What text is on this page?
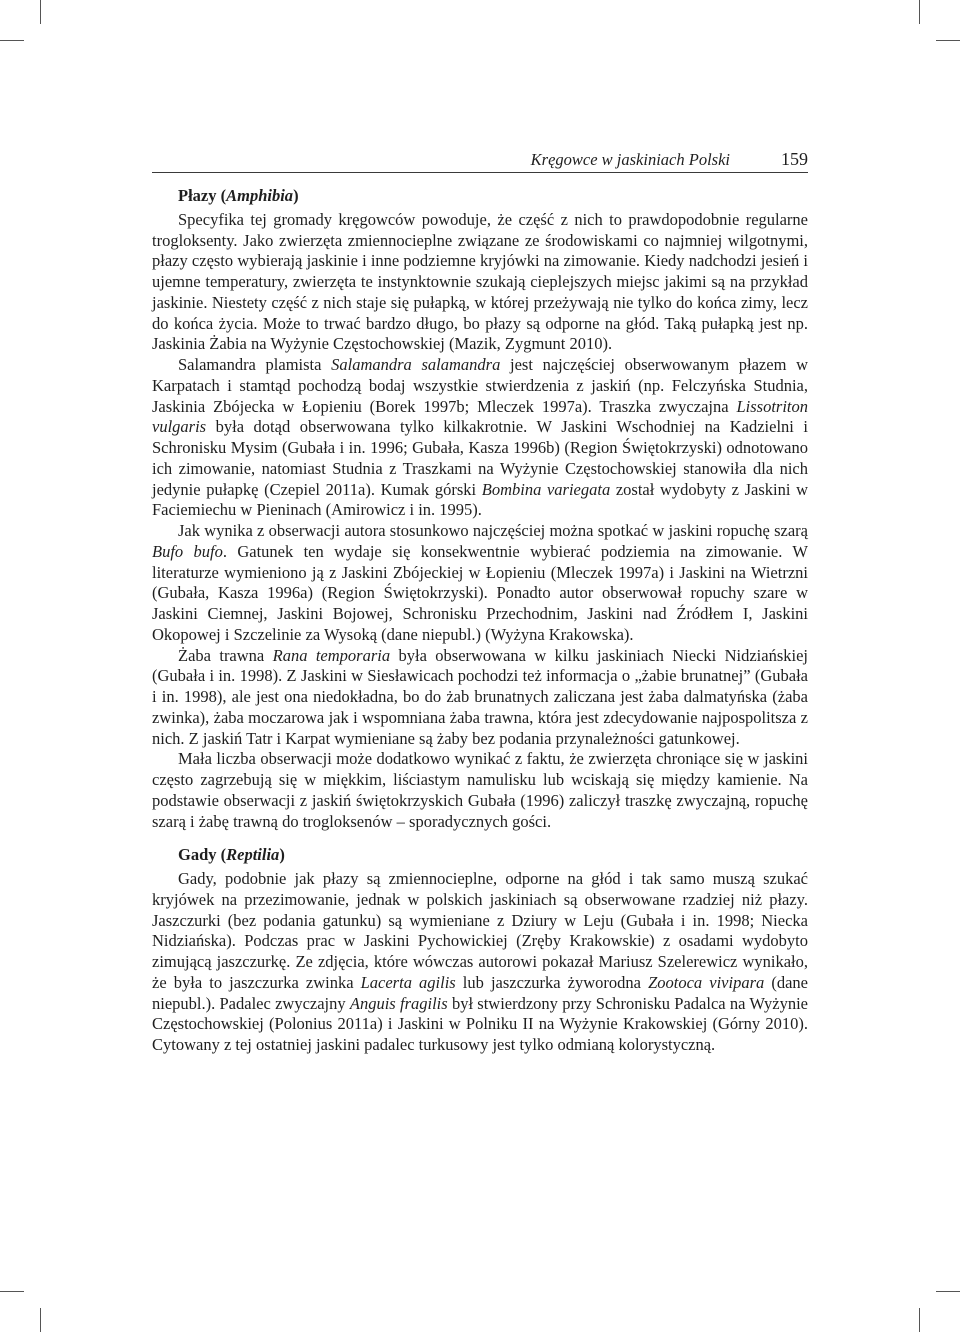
Kręgowce w jaskiniach Polski	159
Płazy (Amphibia)

Specyfika tej gromady kręgowców powoduje, że część z nich to prawdopodobnie regularne trogloksenty. Jako zwierzęta zmiennocieplne związane ze środowiskami co najmniej wilgotnymi, płazy często wybierają jaskinie i inne podziemne kryjówki na zimowanie. Kiedy nadchodzi jesień i ujemne temperatury, zwierzęta te instynktownie szukają cieplejszych miejsc jakimi są na przykład jaskinie. Niestety część z nich staje się pułapką, w której przeżywają nie tylko do końca zimy, lecz do końca życia. Może to trwać bardzo długo, bo płazy są odporne na głód. Taką pułapką jest np. Jaskinia Żabia na Wyżynie Częstochowskiej (Mazik, Zygmunt 2010).

Salamandra plamista Salamandra salamandra jest najczęściej obserwowanym płazem w Karpatach i stamtąd pochodzą bodaj wszystkie stwierdzenia z jaskiń (np. Felczyńska Studnia, Jaskinia Zbójecka w Łopieniu (Borek 1997b; Mleczek 1997a). Traszka zwyczajna Lissotriton vulgaris była dotąd obserwowana tylko kilkakrotnie. W Jaskini Wschodniej na Kadzielni i Schronisku Mysim (Gubała i in. 1996; Gubała, Kasza 1996b) (Region Świętokrzyski) odnotowano ich zimowanie, natomiast Studnia z Traszkami na Wyżynie Częstochowskiej stanowiła dla nich jedynie pułapkę (Czepiel 2011a). Kumak górski Bombina variegata został wydobyty z Jaskini w Faciemiechu w Pieninach (Amirowicz i in. 1995).

Jak wynika z obserwacji autora stosunkowo najczęściej można spotkać w jaskini ropuchę szarą Bufo bufo. Gatunek ten wydaje się konsekwentnie wybierać podziemia na zimowanie. W literaturze wymieniono ją z Jaskini Zbójeckiej w Łopieniu (Mleczek 1997a) i Jaskini na Wietrzni (Gubała, Kasza 1996a) (Region Świętokrzyski). Ponadto autor obserwował ropuchy szare w Jaskini Ciemnej, Jaskini Bojowej, Schronisku Przechodnim, Jaskini nad Źródłem I, Jaskini Okopowej i Szczelinie za Wysoką (dane niepubl.) (Wyżyna Krakowska).

Żaba trawna Rana temporaria była obserwowana w kilku jaskiniach Niecki Nidziańskiej (Gubała i in. 1998). Z Jaskini w Siesławicach pochodzi też informacja o „żabie brunatnej” (Gubała i in. 1998), ale jest ona niedokładna, bo do żab brunatnych zaliczana jest żaba dalmatyńska (żaba zwinka), żaba moczarowa jak i wspomniana żaba trawna, która jest zdecydowanie najpospolitsza z nich. Z jaskiń Tatr i Karpat wymieniane są żaby bez podania przynależności gatunkowej.

Mała liczba obserwacji może dodatkowo wynikać z faktu, że zwierzęta chroniące się w jaskini często zagrzebują się w miękkim, liściastym namulisku lub wciskają się między kamienie. Na podstawie obserwacji z jaskiń świętokrzyskich Gubała (1996) zaliczył traszkę zwyczajną, ropuchę szarą i żabę trawną do trogloksenów – sporadycznych gości.

Gady (Reptilia)

Gady, podobnie jak płazy są zmiennocieplne, odporne na głód i tak samo muszą szukać kryjówek na przezimowanie, jednak w polskich jaskiniach są obserwowane rzadziej niż płazy. Jaszczurki (bez podania gatunku) są wymieniane z Dziury w Leju (Gubała i in. 1998; Niecka Nidziańska). Podczas prac w Jaskini Pychowickiej (Zręby Krakowskie) z osadami wydobyto zimującą jaszczurkę. Ze zdjęcia, które wówczas autorowi pokazał Mariusz Szelerewicz wynikało, że była to jaszczurka zwinka Lacerta agilis lub jaszczurka żyworodna Zootoca vivipara (dane niepubl.). Padalec zwyczajny Anguis fragilis był stwierdzony przy Schronisku Padalca na Wyżynie Częstochowskiej (Polonius 2011a) i Jaskini w Polniku II na Wyżynie Krakowskiej (Górny 2010). Cytowany z tej ostatniej jaskini padalec turkusowy jest tylko odmianą kolorystyczną.
